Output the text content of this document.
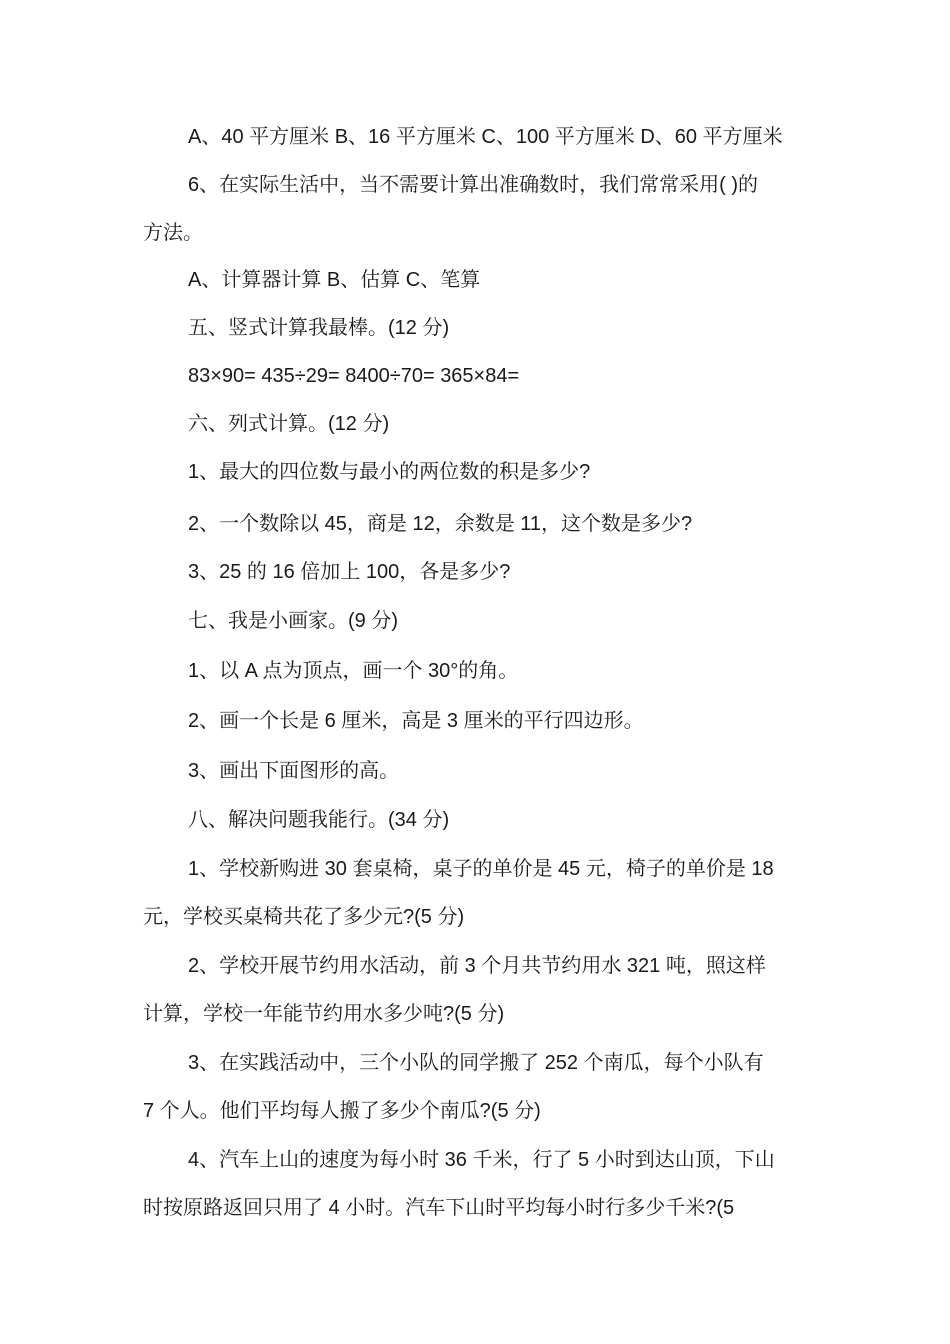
A、40 平方厘米 B、16 平方厘米 C、100 平方厘米 D、60 平方厘米
6、在实际生活中，当不需要计算出准确数时，我们常常采用( )的
方法。
A、计算器计算 B、估算 C、笔算
五、竖式计算我最棒。(12 分)
83×90= 435÷29= 8400÷70= 365×84=
六、列式计算。(12 分)
1、最大的四位数与最小的两位数的积是多少?
2、一个数除以 45，商是 12，余数是 11，这个数是多少?
3、25 的 16 倍加上 100，各是多少?
七、我是小画家。(9 分)
1、以 A 点为顶点，画一个 30°的角。
2、画一个长是 6 厘米，高是 3 厘米的平行四边形。
3、画出下面图形的高。
八、解决问题我能行。(34 分)
1、学校新购进 30 套桌椅，桌子的单价是 45 元，椅子的单价是 18
元，学校买桌椅共花了多少元?(5 分)
2、学校开展节约用水活动，前 3 个月共节约用水 321 吨，照这样
计算，学校一年能节约用水多少吨?(5 分)
3、在实践活动中，三个小队的同学搬了 252 个南瓜，每个小队有
7 个人。他们平均每人搬了多少个南瓜?(5 分)
4、汽车上山的速度为每小时 36 千米，行了 5 小时到达山顶，下山
时按原路返回只用了 4 小时。汽车下山时平均每小时行多少千米?(5
